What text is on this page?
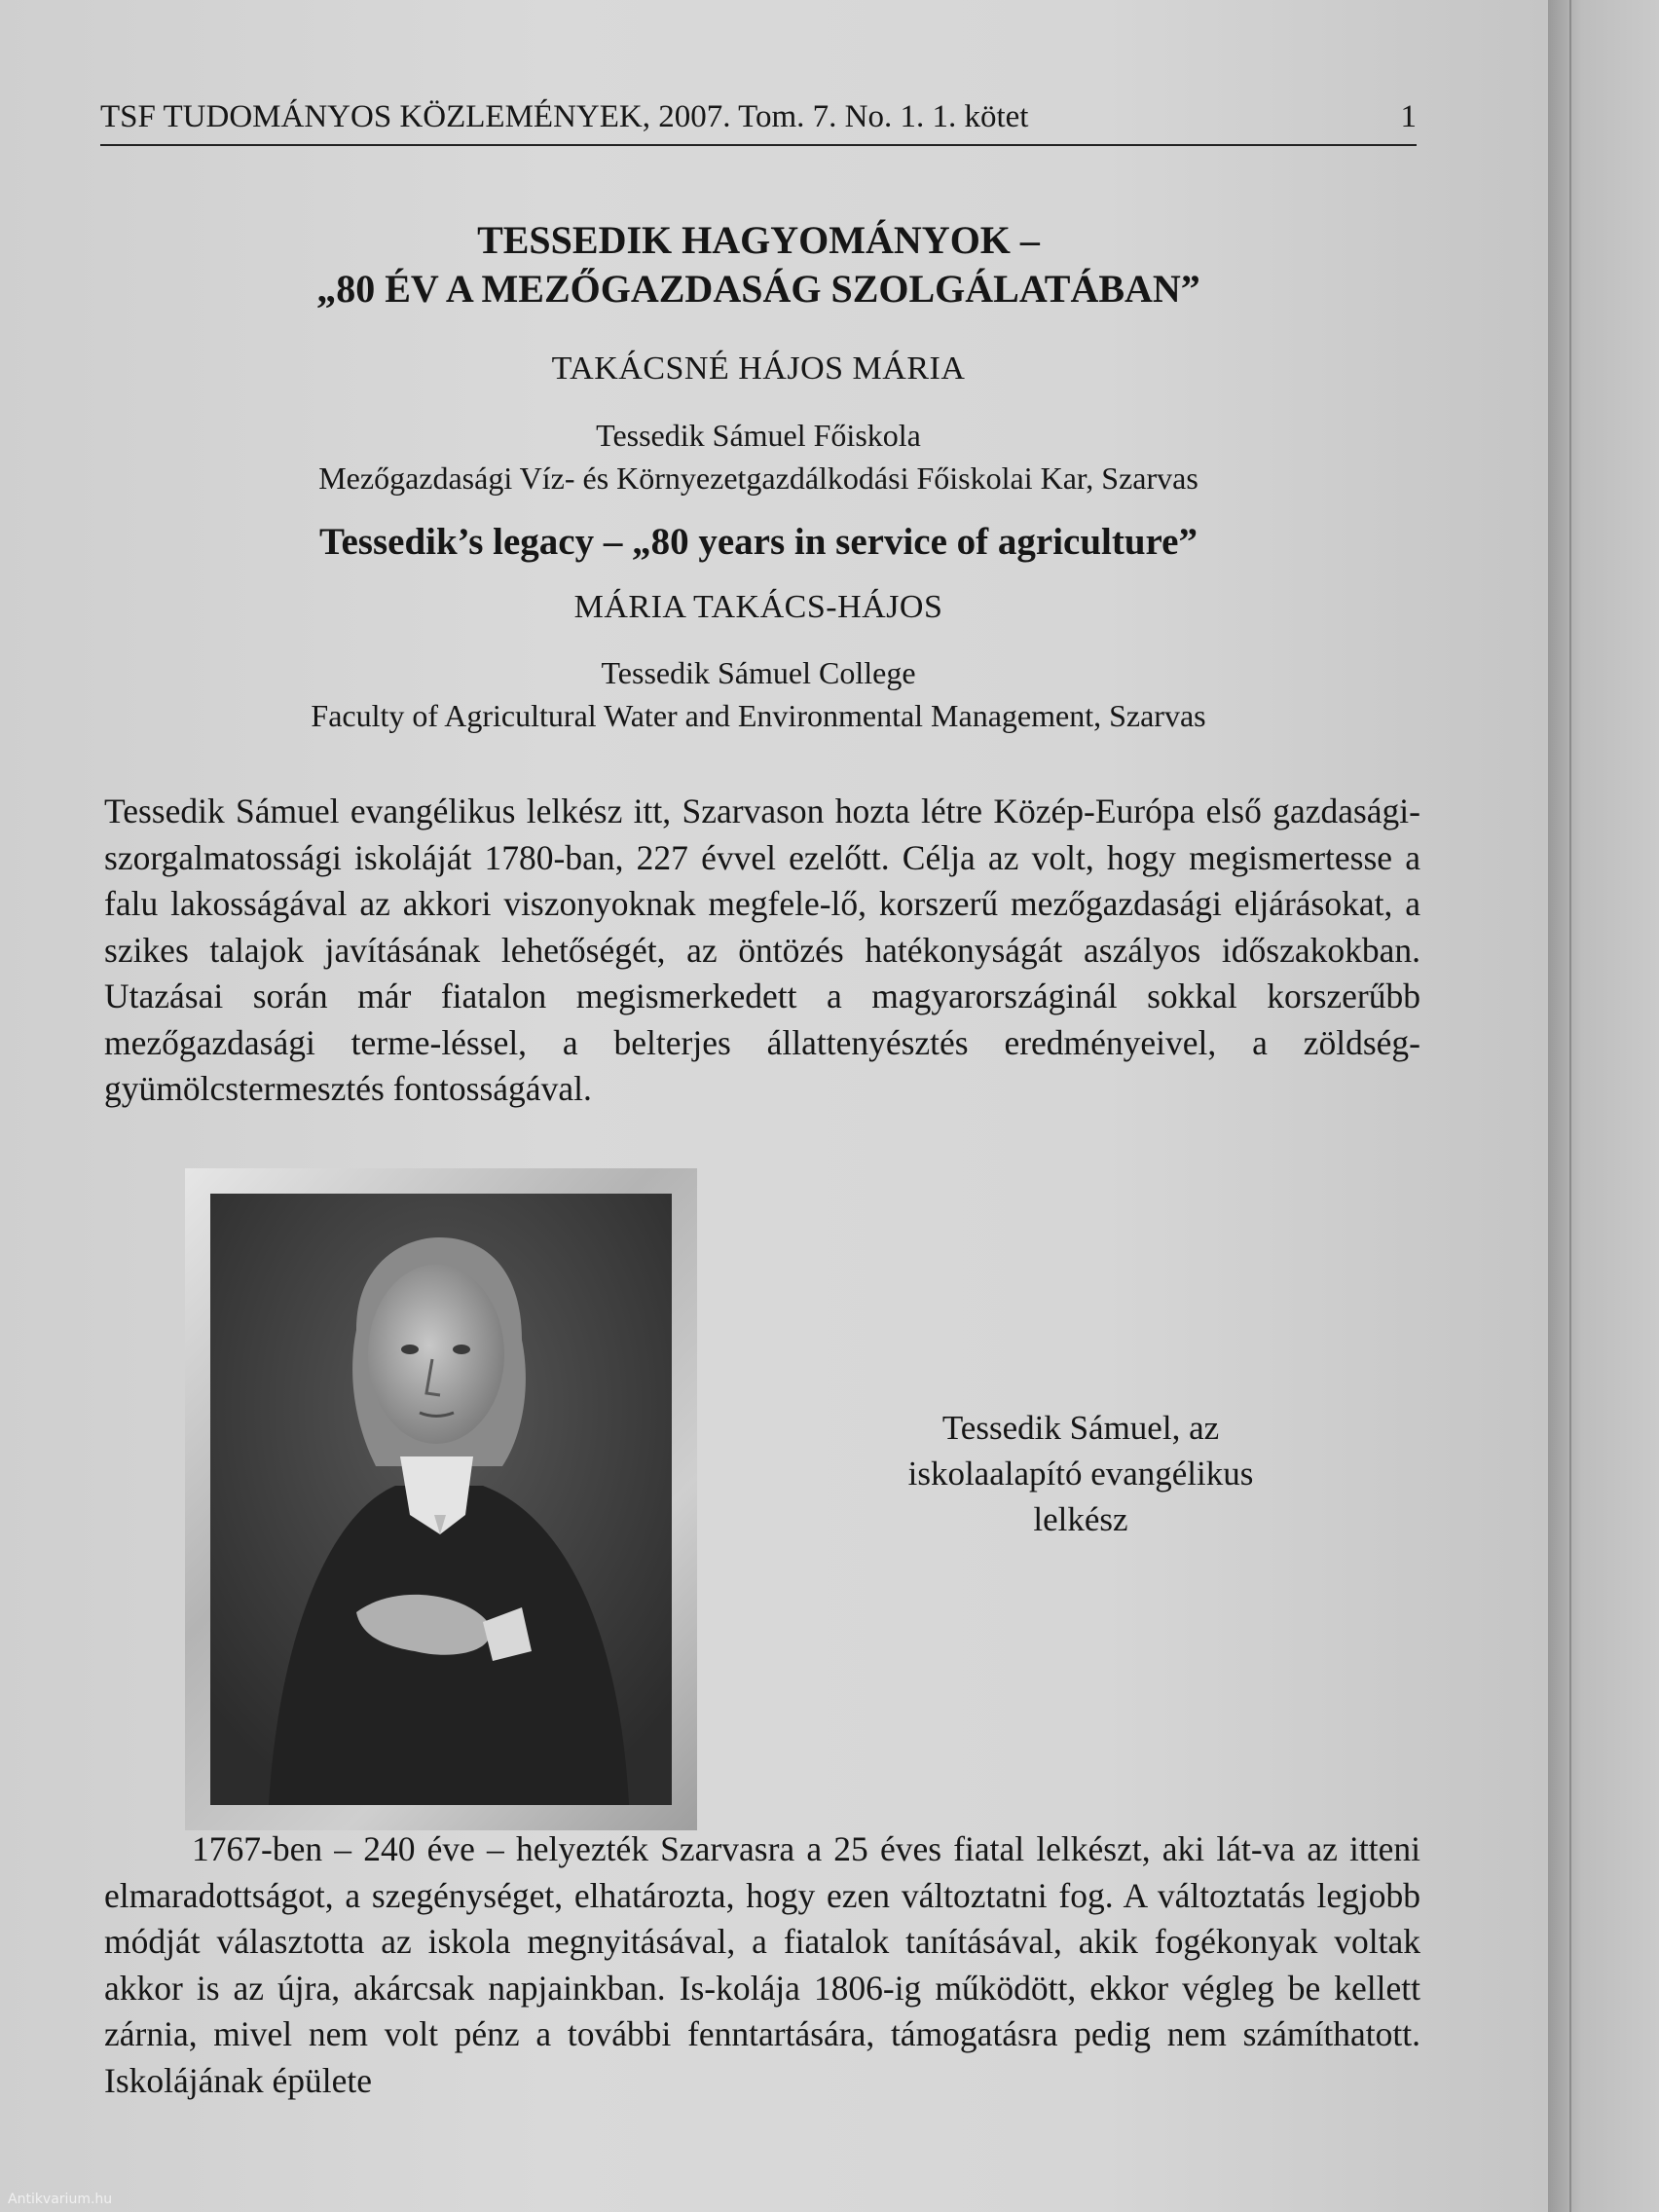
TSF TUDOMÁNYOS KÖZLEMÉNYEK, 2007. Tom. 7. No. 1. 1. kötet	1
TESSEDIK HAGYOMÁNYOK –
„80 ÉV A MEZŐGAZDASÁG SZOLGÁLATÁBAN”
TAKÁCSNÉ HÁJOS MÁRIA
Tessedik Sámuel Főiskola
Mezőgazdasági Víz- és Környezetgazdálkodási Főiskolai Kar, Szarvas
Tessedik’s legacy – „80 years in service of agriculture”
MÁRIA TAKÁCS-HÁJOS
Tessedik Sámuel College
Faculty of Agricultural Water and Environmental Management, Szarvas

Tessedik Sámuel evangélikus lelkész itt, Szarvason hozta létre Közép-Európa első gazdasági-szorgalmatossági iskoláját 1780-ban, 227 évvel ezelőtt. Célja az volt, hogy megismertesse a falu lakosságával az akkori viszonyoknak megfele-lő, korszerű mezőgazdasági eljárásokat, a szikes talajok javításának lehetőségét, az öntözés hatékonyságát aszályos időszakokban. Utazásai során már fiatalon megismerkedett a magyarországinál sokkal korszerűbb mezőgazdasági terme-léssel, a belterjes állattenyésztés eredményeivel, a zöldség- gyümölcstermesztés fontosságával.

Tessedik Sámuel, az
iskolaalapító evangélikus
lelkész

1767-ben – 240 éve – helyezték Szarvasra a 25 éves fiatal lelkészt, aki lát-va az itteni elmaradottságot, a szegénységet, elhatározta, hogy ezen változtatni fog. A változtatás legjobb módját választotta az iskola megnyitásával, a fiatalok tanításával, akik fogékonyak voltak akkor is az újra, akárcsak napjainkban. Is-kolája 1806-ig működött, ekkor végleg be kellett zárnia, mivel nem volt pénz a további fenntartására, támogatásra pedig nem számíthatott. Iskolájának épülete

Antikvarium.hu
